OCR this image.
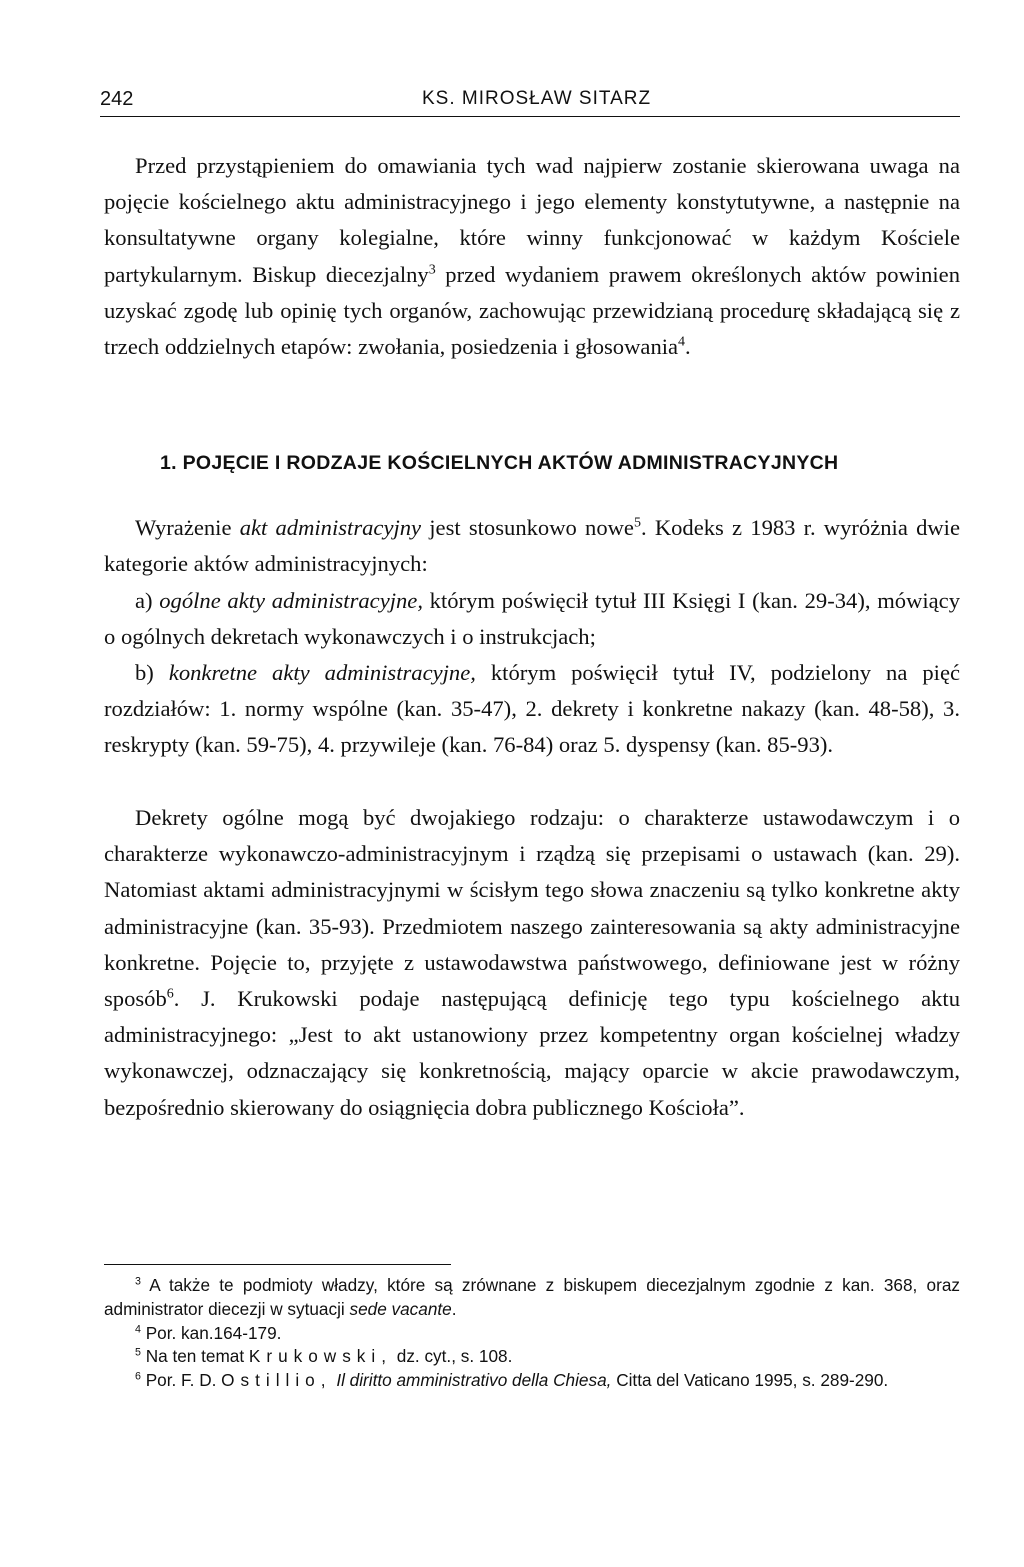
242	KS. MIROSŁAW SITARZ

Przed przystąpieniem do omawiania tych wad najpierw zostanie skierowana uwaga na pojęcie kościelnego aktu administracyjnego i jego elementy konstytutywne, a następnie na konsultatywne organy kolegialne, które winny funkcjonować w każdym Kościele partykularnym. Biskup diecezjalny$^3$ przed wydaniem prawem określonych aktów powinien uzyskać zgodę lub opinię tych organów, zachowując przewidzianą procedurę składającą się z trzech oddzielnych etapów: zwołania, posiedzenia i głosowania$^4$.

1. POJĘCIE I RODZAJE KOŚCIELNYCH AKTÓW ADMINISTRACYJNYCH

Wyrażenie akt administracyjny jest stosunkowo nowe$^5$. Kodeks z 1983 r. wyróżnia dwie kategorie aktów administracyjnych:

a) ogólne akty administracyjne, którym poświęcił tytuł III Księgi I (kan. 29-34), mówiący o ogólnych dekretach wykonawczych i o instrukcjach;

b) konkretne akty administracyjne, którym poświęcił tytuł IV, podzielony na pięć rozdziałów: 1. normy wspólne (kan. 35-47), 2. dekrety i konkretne nakazy (kan. 48-58), 3. reskrypty (kan. 59-75), 4. przywileje (kan. 76-84) oraz 5. dyspensy (kan. 85-93).

Dekrety ogólne mogą być dwojakiego rodzaju: o charakterze ustawodawczym i o charakterze wykonawczo-administracyjnym i rządzą się przepisami o ustawach (kan. 29). Natomiast aktami administracyjnymi w ścisłym tego słowa znaczeniu są tylko konkretne akty administracyjne (kan. 35-93). Przedmiotem naszego zainteresowania są akty administracyjne konkretne. Pojęcie to, przyjęte z ustawodawstwa państwowego, definiowane jest w różny sposób$^6$. J. Krukowski podaje następującą definicję tego typu kościelnego aktu administracyjnego: „Jest to akt ustanowiony przez kompetentny organ kościelnej władzy wykonawczej, odznaczający się konkretnością, mający oparcie w akcie prawodawczym, bezpośrednio skierowany do osiągnięcia dobra publicznego Kościoła”.

$^3$ A także te podmioty władzy, które są zrównane z biskupem diecezjalnym zgodnie z kan. 368, oraz administrator diecezji w sytuacji sede vacante.

$^4$ Por. kan.164-179.

$^5$ Na ten temat Krukowski, dz. cyt., s. 108.

$^6$ Por. F. D. Ostillio, Il diritto amministrativo della Chiesa, Citta del Vaticano 1995, s. 289-290.
